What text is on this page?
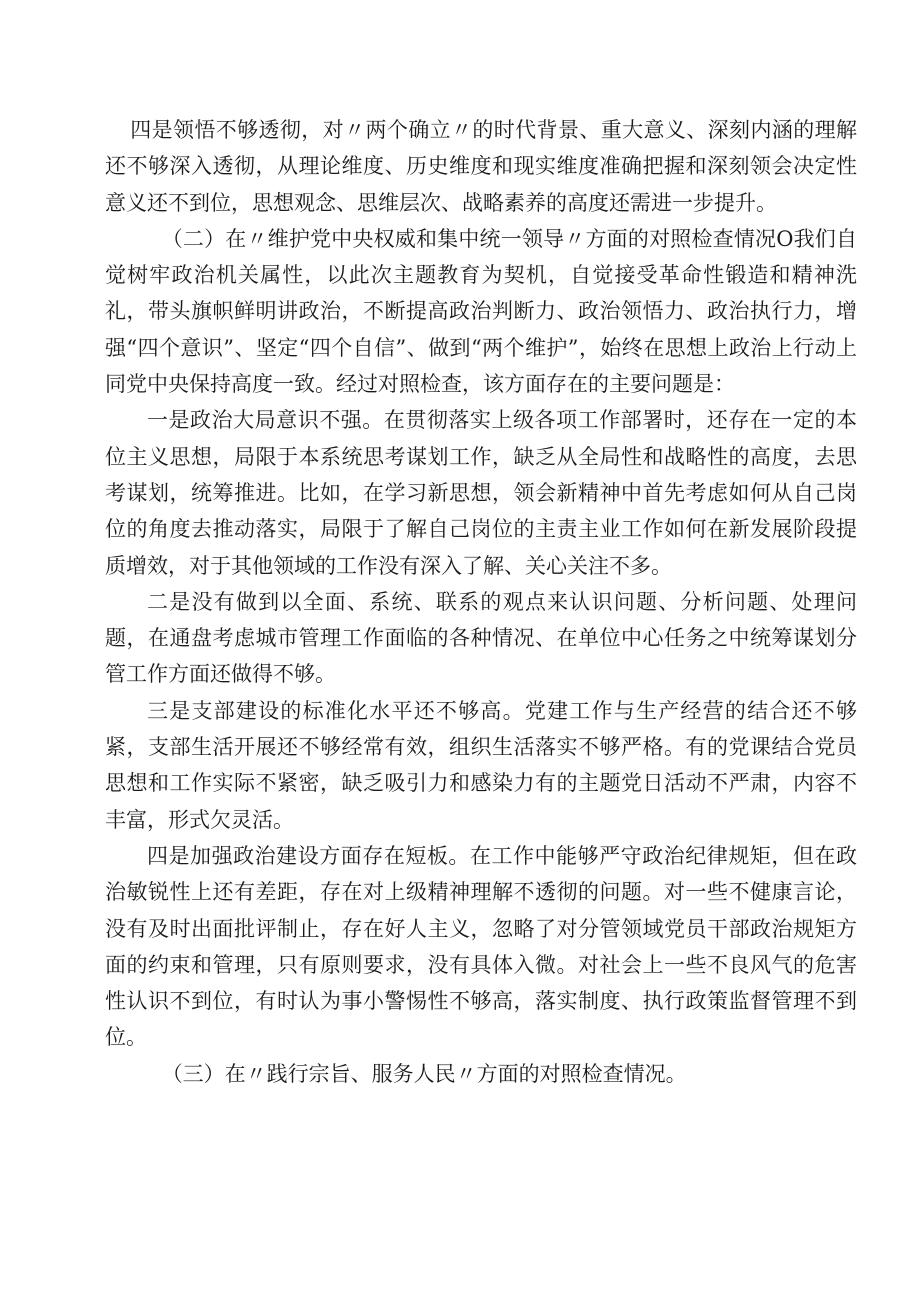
四是领悟不够透彻，对〃两个确立〃的时代背景、重大意义、深刻内涵的理解还不够深入透彻，从理论维度、历史维度和现实维度准确把握和深刻领会决定性意义还不到位，思想观念、思维层次、战略素养的高度还需进一步提升。

（二）在〃维护党中央权威和集中统一领导〃方面的对照检查情况O我们自觉树牢政治机关属性，以此次主题教育为契机，自觉接受革命性锻造和精神洗礼，带头旗帜鲜明讲政治，不断提高政治判断力、政治领悟力、政治执行力，增强“四个意识”、坚定“四个自信”、做到“两个维护”，始终在思想上政治上行动上同党中央保持高度一致。经过对照检查，该方面存在的主要问题是：

一是政治大局意识不强。在贯彻落实上级各项工作部署时，还存在一定的本位主义思想，局限于本系统思考谋划工作，缺乏从全局性和战略性的高度，去思考谋划，统筹推进。比如，在学习新思想，领会新精神中首先考虑如何从自己岗位的角度去推动落实，局限于了解自己岗位的主责主业工作如何在新发展阶段提质增效，对于其他领域的工作没有深入了解、关心关注不多。

二是没有做到以全面、系统、联系的观点来认识问题、分析问题、处理问题，在通盘考虑城市管理工作面临的各种情况、在单位中心任务之中统筹谋划分管工作方面还做得不够。

三是支部建设的标准化水平还不够高。党建工作与生产经营的结合还不够紧，支部生活开展还不够经常有效，组织生活落实不够严格。有的党课结合党员思想和工作实际不紧密，缺乏吸引力和感染力有的主题党日活动不严肃，内容不丰富，形式欠灵活。

四是加强政治建设方面存在短板。在工作中能够严守政治纪律规矩，但在政治敏锐性上还有差距，存在对上级精神理解不透彻的问题。对一些不健康言论，没有及时出面批评制止，存在好人主义，忽略了对分管领域党员干部政治规矩方面的约束和管理，只有原则要求，没有具体入微。对社会上一些不良风气的危害性认识不到位，有时认为事小警惕性不够高，落实制度、执行政策监督管理不到位。

（三）在〃践行宗旨、服务人民〃方面的对照检查情况。
